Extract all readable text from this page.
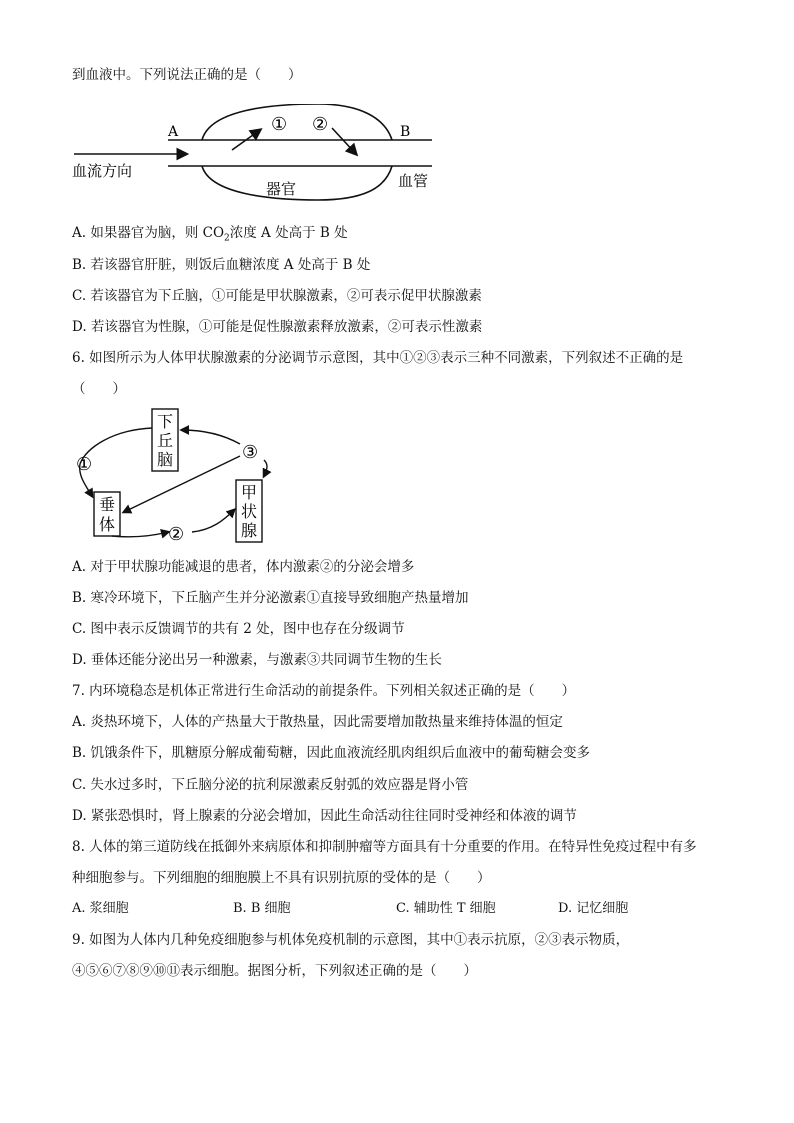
到血液中。下列说法正确的是（　　）
A	B
① ②
血流方向
器官	血管
A. 如果器官为脑，则 $CO_2$浓度 A 处高于 B 处
B. 若该器官肝脏，则饭后血糖浓度 A 处高于 B 处
C. 若该器官为下丘脑，①可能是甲状腺激素，②可表示促甲状腺激素
D. 若该器官为性腺，①可能是促性腺激素释放激素，②可表示性激素
6. 如图所示为人体甲状腺激素的分泌调节示意图，其中①②③表示三种不同激素，下列叙述不正确的是
（　　）
下
丘
脑
垂
体
甲
状
腺
①
②
③
A. 对于甲状腺功能减退的患者，体内激素②的分泌会增多
B. 寒冷环境下，下丘脑产生并分泌激素①直接导致细胞产热量增加
C. 图中表示反馈调节的共有 2 处，图中也存在分级调节
D. 垂体还能分泌出另一种激素，与激素③共同调节生物的生长
7. 内环境稳态是机体正常进行生命活动的前提条件。下列相关叙述正确的是（　　）
A. 炎热环境下，人体的产热量大于散热量，因此需要增加散热量来维持体温的恒定
B. 饥饿条件下，肌糖原分解成葡萄糖，因此血液流经肌肉组织后血液中的葡萄糖会变多
C. 失水过多时，下丘脑分泌的抗利尿激素反射弧的效应器是肾小管
D. 紧张恐惧时，肾上腺素的分泌会增加，因此生命活动往往同时受神经和体液的调节
8. 人体的第三道防线在抵御外来病原体和抑制肿瘤等方面具有十分重要的作用。在特异性免疫过程中有多
种细胞参与。下列细胞的细胞膜上不具有识别抗原的受体的是（　　）
A. 浆细胞	B. B 细胞	C. 辅助性 T 细胞	D. 记忆细胞
9. 如图为人体内几种免疫细胞参与机体免疫机制的示意图，其中①表示抗原，②③表示物质，
④⑤⑥⑦⑧⑨⑩⑪表示细胞。据图分析，下列叙述正确的是（　　）
